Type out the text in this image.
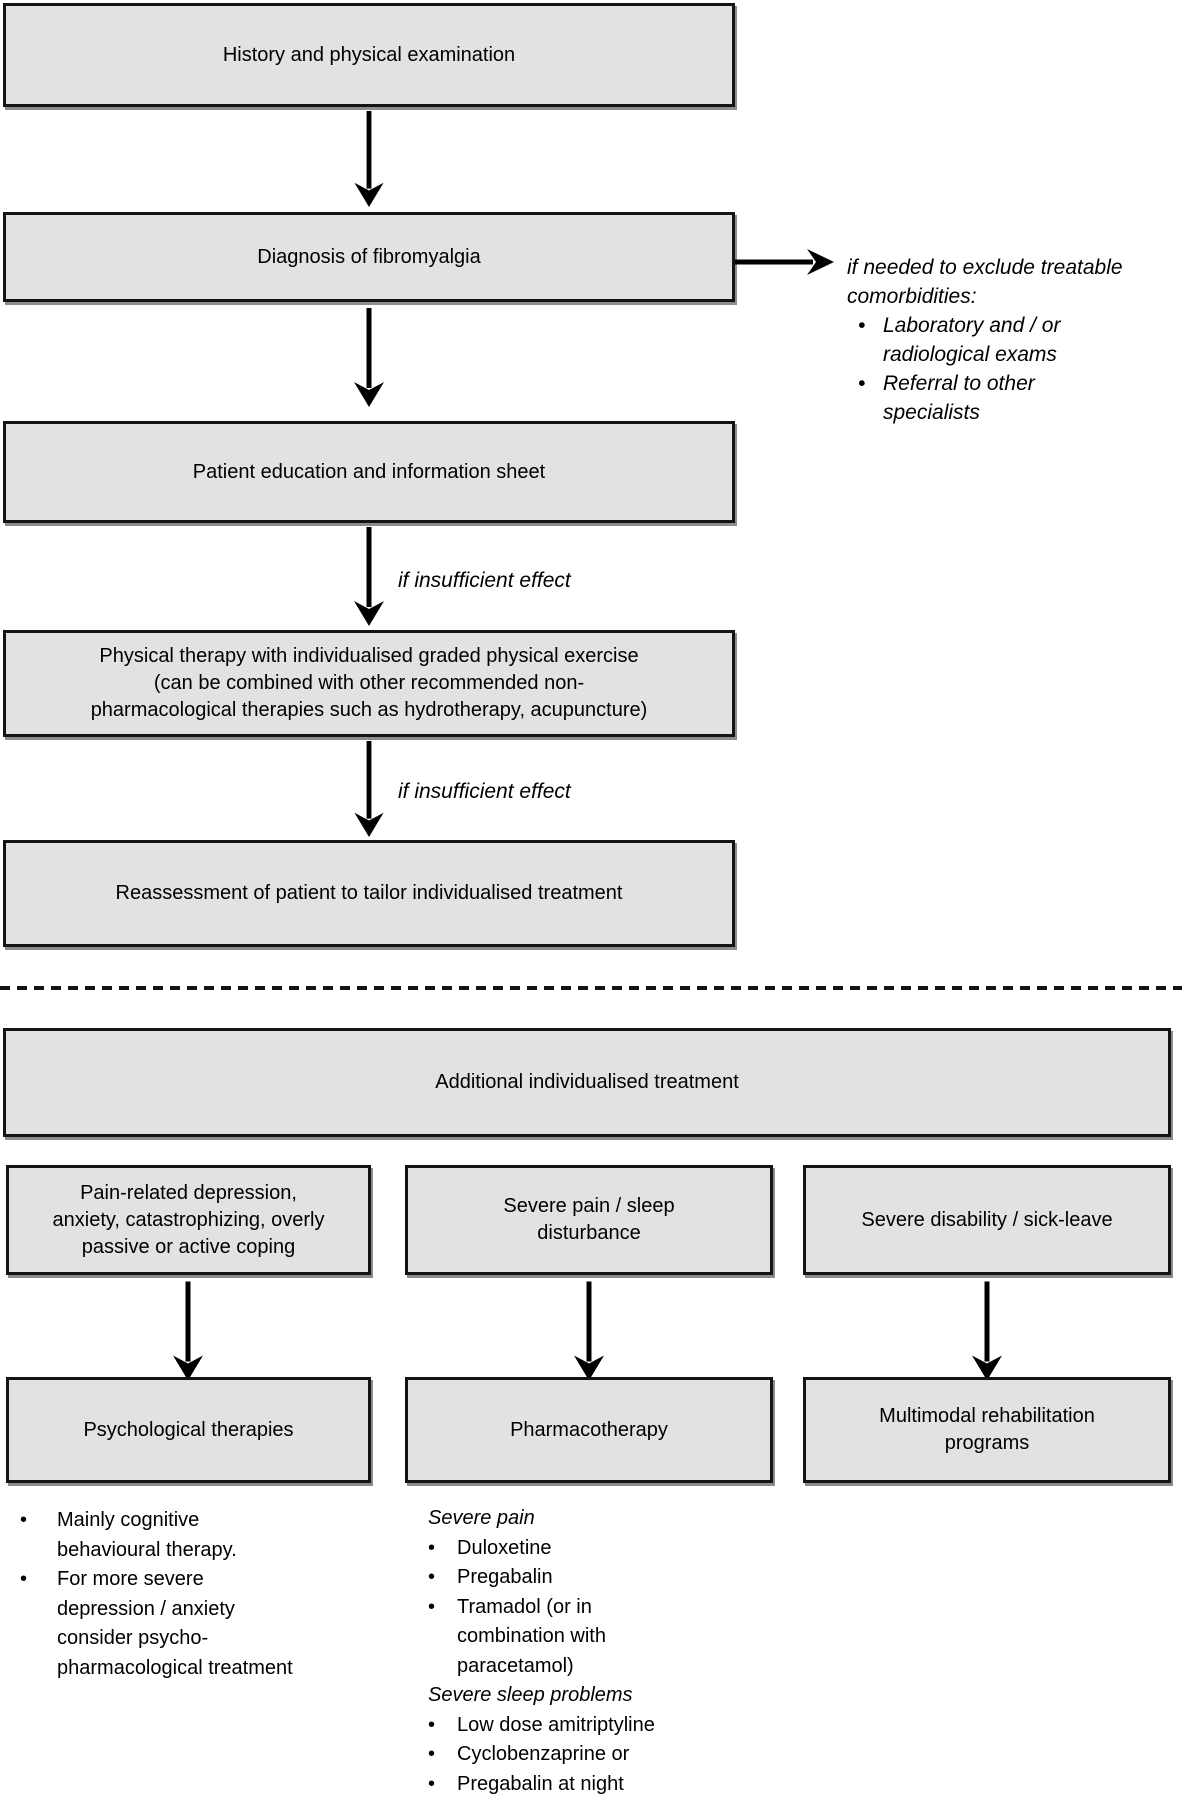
History and physical examination
Diagnosis of fibromyalgia	if needed to exclude treatable comorbidities:
• Laboratory and / or radiological exams
• Referral to other specialists
Patient education and information sheet
if insufficient effect
Physical therapy with individualised graded physical exercise
(can be combined with other recommended non-
pharmacological therapies such as hydrotherapy, acupuncture)
if insufficient effect
Reassessment of patient to tailor individualised treatment
Additional individualised treatment
Pain-related depression,
anxiety, catastrophizing, overly
passive or active coping
Severe pain / sleep
disturbance
Severe disability / sick-leave
Psychological therapies	Pharmacotherapy
Multimodal rehabilitation
programs
•	Mainly cognitive
behavioural therapy.
•	For more severe
depression / anxiety
consider psycho-
pharmacological treatment
Severe pain
•	Duloxetine
•	Pregabalin
•	Tramadol (or in
combination with
paracetamol)
Severe sleep problems
•	Low dose amitriptyline
•	Cyclobenzaprine or
•	Pregabalin at night
